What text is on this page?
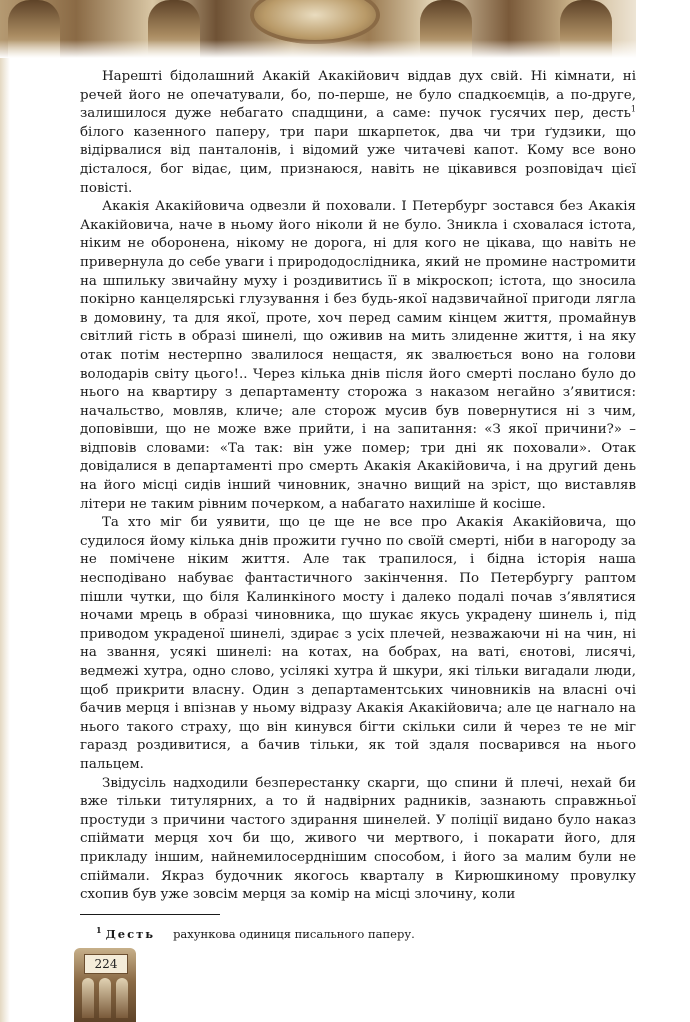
Нарешті бідолашний Акакій Акакійович віддав дух свій. Ні кімнати, ні речей його не опечатували, бо, по-перше, не було спадкоємців, а по-друге, залишилося дуже небагато спадщини, а саме: пучок гусячих пер, десть$^1$ білого казенного паперу, три пари шкарпеток, два чи три ґудзики, що відірвалися від панталонів, і відомий уже читачеві капот. Кому все воно дісталося, бог відає, цим, признаюся, навіть не цікавився розповідач цієї повісті.

Акакія Акакійовича одвезли й поховали. І Петербург зостався без Акакія Акакійовича, наче в ньому його ніколи й не було. Зникла і сховалася істота, ніким не оборонена, нікому не дорога, ні для кого не цікава, що навіть не привернула до себе уваги і природодослідника, який не промине настромити на шпильку звичайну муху і роздивитись її в мікроскоп; істота, що зносила покірно канцелярські глузування і без будь-якої надзвичайної пригоди лягла в домовину, та для якої, проте, хоч перед самим кінцем життя, промайнув світлий гість в образі шинелі, що оживив на мить злиденне життя, і на яку отак потім нестерпно звалилося нещастя, як звалюється воно на голови володарів світу цього!.. Через кілька днів після його смерті послано було до нього на квартиру з департаменту сторожа з наказом негайно з’явитися: начальство, мовляв, кличе; але сторож мусив був повернутися ні з чим, доповівши, що не може вже прийти, і на запитання: «З якої причини?» – відповів словами: «Та так: він уже помер; три дні як поховали». Отак довідалися в департаменті про смерть Акакія Акакійовича, і на другий день на його місці сидів інший чиновник, значно вищий на зріст, що виставляв літери не таким рівним почерком, а набагато нахиліше й косіше.

Та хто міг би уявити, що це ще не все про Акакія Акакійовича, що судилося йому кілька днів прожити гучно по своїй смерті, ніби в нагороду за не помічене ніким життя. Але так трапилося, і бідна історія наша несподівано набуває фантастичного закінчення. По Петербургу раптом пішли чутки, що біля Калинкіного мосту і далеко подалі почав з’являтися ночами мрець в образі чиновника, що шукає якусь украдену шинель і, під приводом украденої шинелі, здирає з усіх плечей, незважаючи ні на чин, ні на звання, усякі шинелі: на котах, на бобрах, на ваті, єнотові, лисячі, ведмежі хутра, одно слово, усілякі хутра й шкури, які тільки вигадали люди, щоб прикрити власну. Один з департаментських чиновників на власні очі бачив мерця і впізнав у ньому відразу Акакія Акакійовича; але це нагнало на нього такого страху, що він кинувся бігти скільки сили й через те не міг гаразд роздивитися, а бачив тільки, як той здаля посварився на нього пальцем.

Звідусіль надходили безперестанку скарги, що спини й плечі, нехай би вже тільки титулярних, а то й надвірних радників, зазнають справжньої простуди з причини частого здирання шинелей. У поліції видано було наказ спіймати мерця хоч би що, живого чи мертвого, і покарати його, для прикладу іншим, найнемилосерднішим способом, і його за малим були не спіймали. Якраз будочник якогось кварталу в Кирюшкиному провулку схопив був уже зовсім мерця за комір на місці злочину, коли

$^1$ Десть рахункова одиниця писального паперу.
224
